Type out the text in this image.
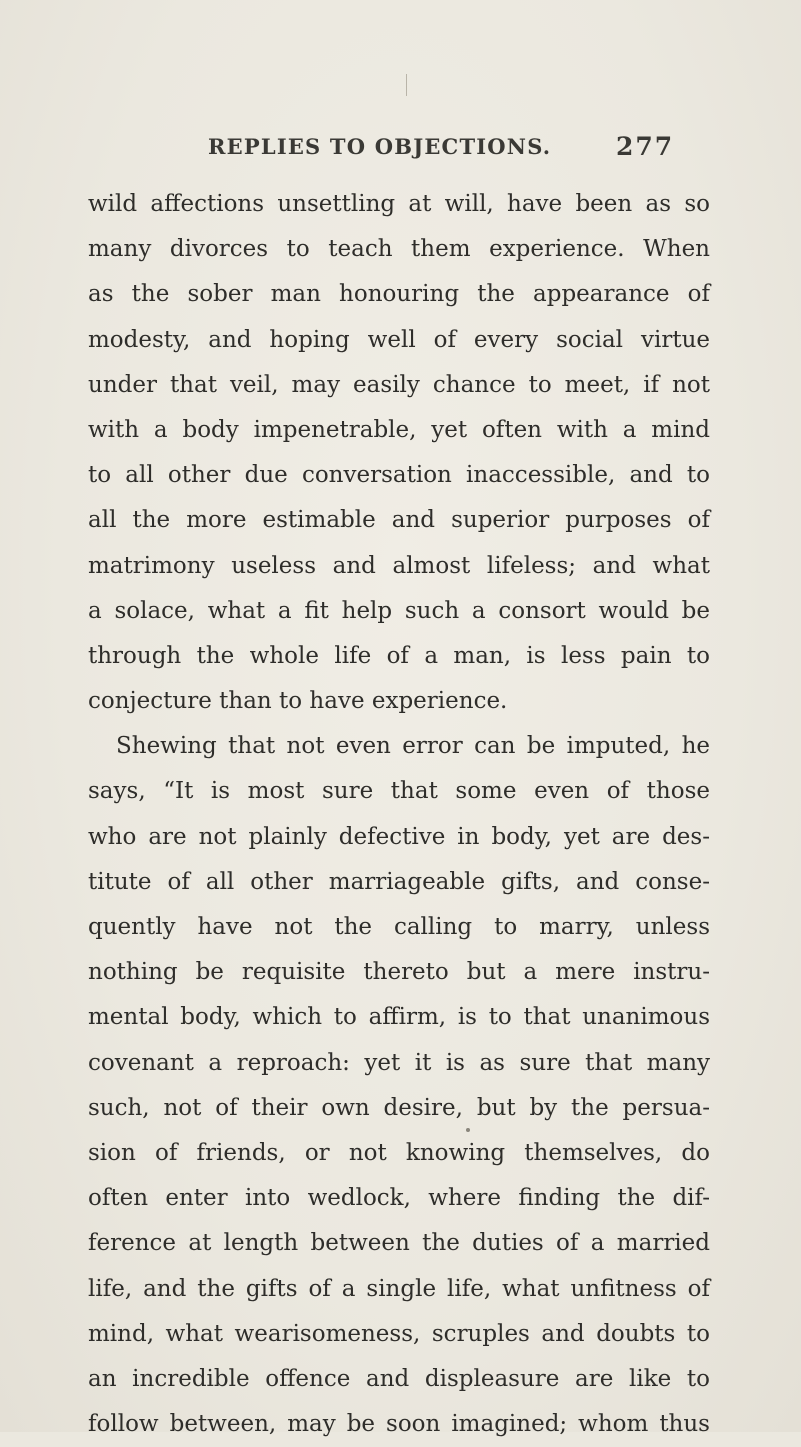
REPLIES TO OBJECTIONS.	277
wild affections unsettling at will, have been as so
many divorces to teach them experience. When
as the sober man honouring the appearance of
modesty, and hoping well of every social virtue
under that veil, may easily chance to meet, if not
with a body impenetrable, yet often with a mind
to all other due conversation inaccessible, and to
all the more estimable and superior purposes of
matrimony useless and almost lifeless; and what
a solace, what a fit help such a consort would be
through the whole life of a man, is less pain to
conjecture than to have experience.
Shewing that not even error can be imputed, he
says, “It is most sure that some even of those
who are not plainly defective in body, yet are des-
titute of all other marriageable gifts, and conse-
quently have not the calling to marry, unless
nothing be requisite thereto but a mere instru-
mental body, which to affirm, is to that unanimous
covenant a reproach: yet it is as sure that many
such, not of their own desire, but by the persua-
sion of friends, or not knowing themselves, do
often enter into wedlock, where finding the dif-
ference at length between the duties of a married
life, and the gifts of a single life, what unfitness of
mind, what wearisomeness, scruples and doubts to
an incredible offence and displeasure are like to
follow between, may be soon imagined; whom thus
